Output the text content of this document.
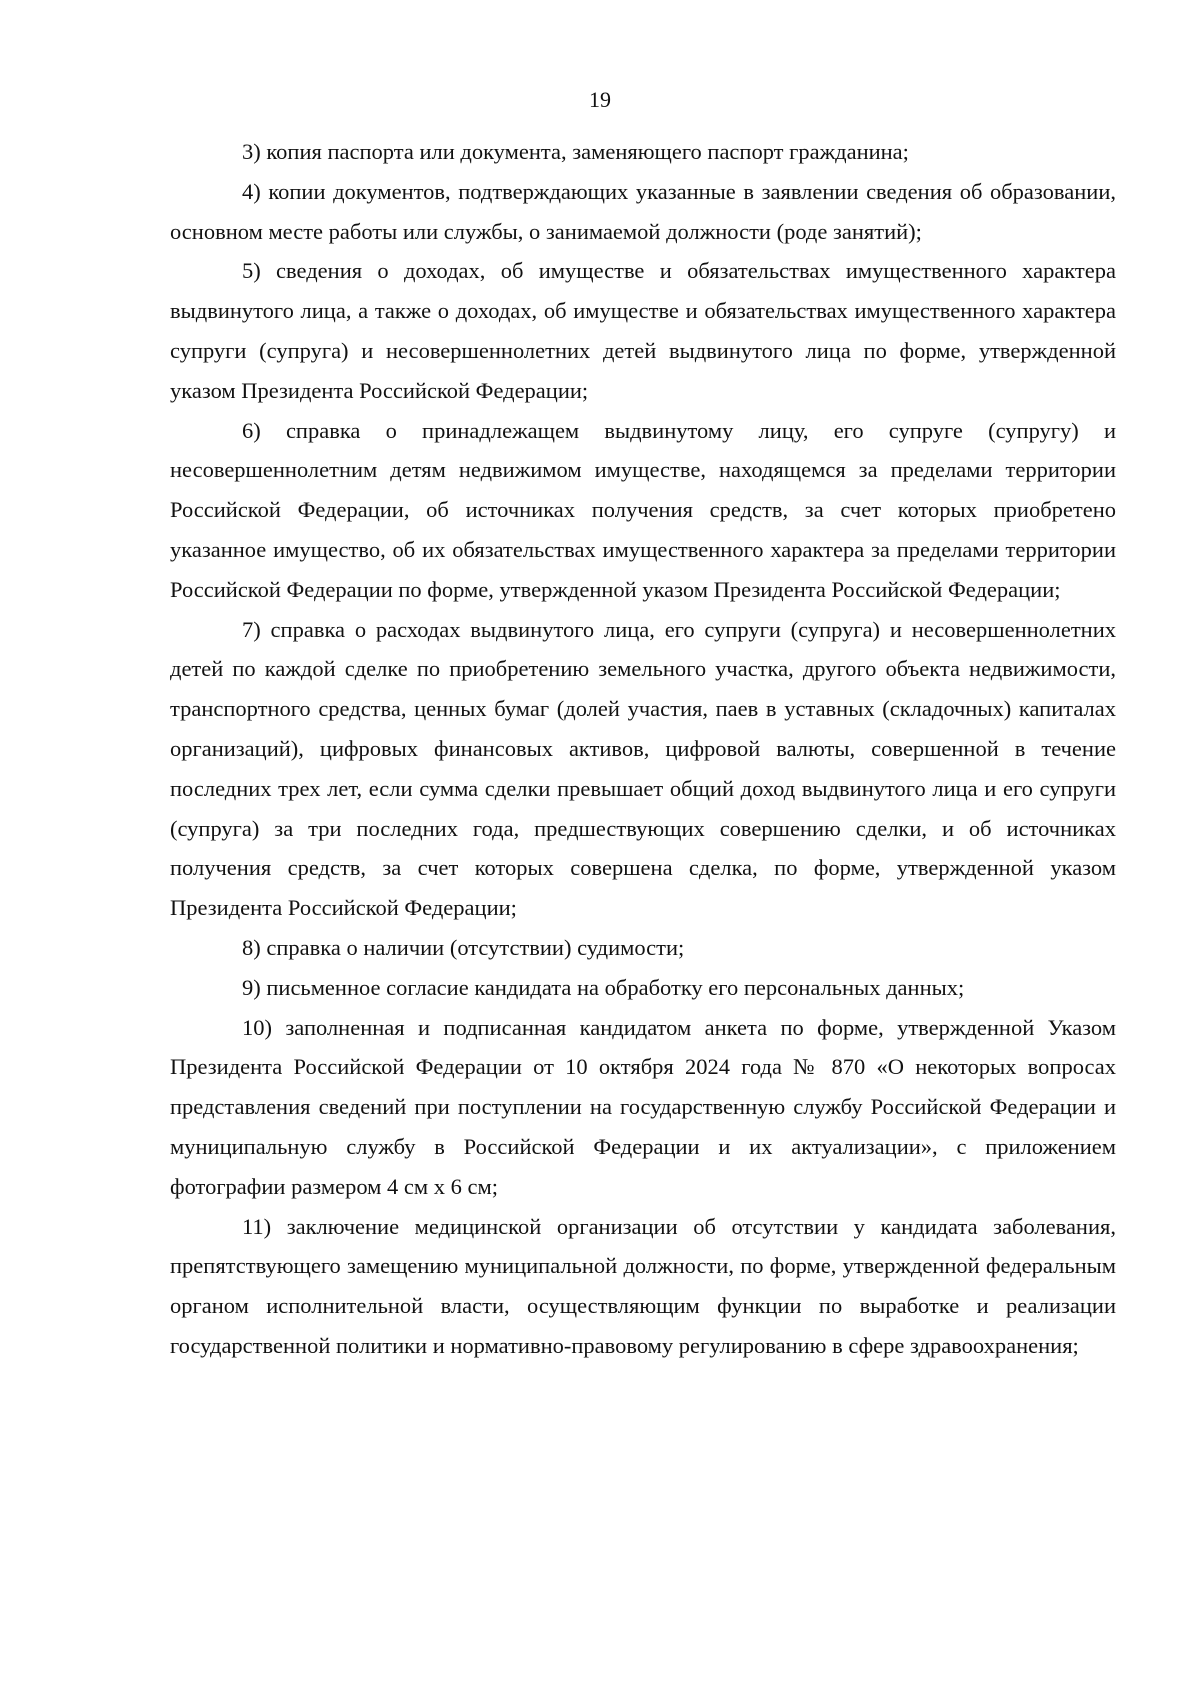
19

3) копия паспорта или документа, заменяющего паспорт гражданина;

4) копии документов, подтверждающих указанные в заявлении сведения об образовании, основном месте работы или службы, о занимаемой должности (роде занятий);

5) сведения о доходах, об имуществе и обязательствах имущественного характера выдвинутого лица, а также о доходах, об имуществе и обязательствах имущественного характера супруги (супруга) и несовершеннолетних детей выдвинутого лица по форме, утвержденной указом Президента Российской Федерации;

6) справка о принадлежащем выдвинутому лицу, его супруге (супругу) и несовершеннолетним детям недвижимом имуществе, находящемся за пределами территории Российской Федерации, об источниках получения средств, за счет которых приобретено указанное имущество, об их обязательствах имущественного характера за пределами территории Российской Федерации по форме, утвержденной указом Президента Российской Федерации;

7) справка о расходах выдвинутого лица, его супруги (супруга) и несовершеннолетних детей по каждой сделке по приобретению земельного участка, другого объекта недвижимости, транспортного средства, ценных бумаг (долей участия, паев в уставных (складочных) капиталах организаций), цифровых финансовых активов, цифровой валюты, совершенной в течение последних трех лет, если сумма сделки превышает общий доход выдвинутого лица и его супруги (супруга) за три последних года, предшествующих совершению сделки, и об источниках получения средств, за счет которых совершена сделка, по форме, утвержденной указом Президента Российской Федерации;

8) справка о наличии (отсутствии) судимости;

9) письменное согласие кандидата на обработку его персональных данных;

10) заполненная и подписанная кандидатом анкета по форме, утвержденной Указом Президента Российской Федерации от 10 октября 2024 года № 870 «О некоторых вопросах представления сведений при поступлении на государственную службу Российской Федерации и муниципальную службу в Российской Федерации и их актуализации», с приложением фотографии размером 4 см х 6 см;

11) заключение медицинской организации об отсутствии у кандидата заболевания, препятствующего замещению муниципальной должности, по форме, утвержденной федеральным органом исполнительной власти, осуществляющим функции по выработке и реализации государственной политики и нормативно-правовому регулированию в сфере здравоохранения;
